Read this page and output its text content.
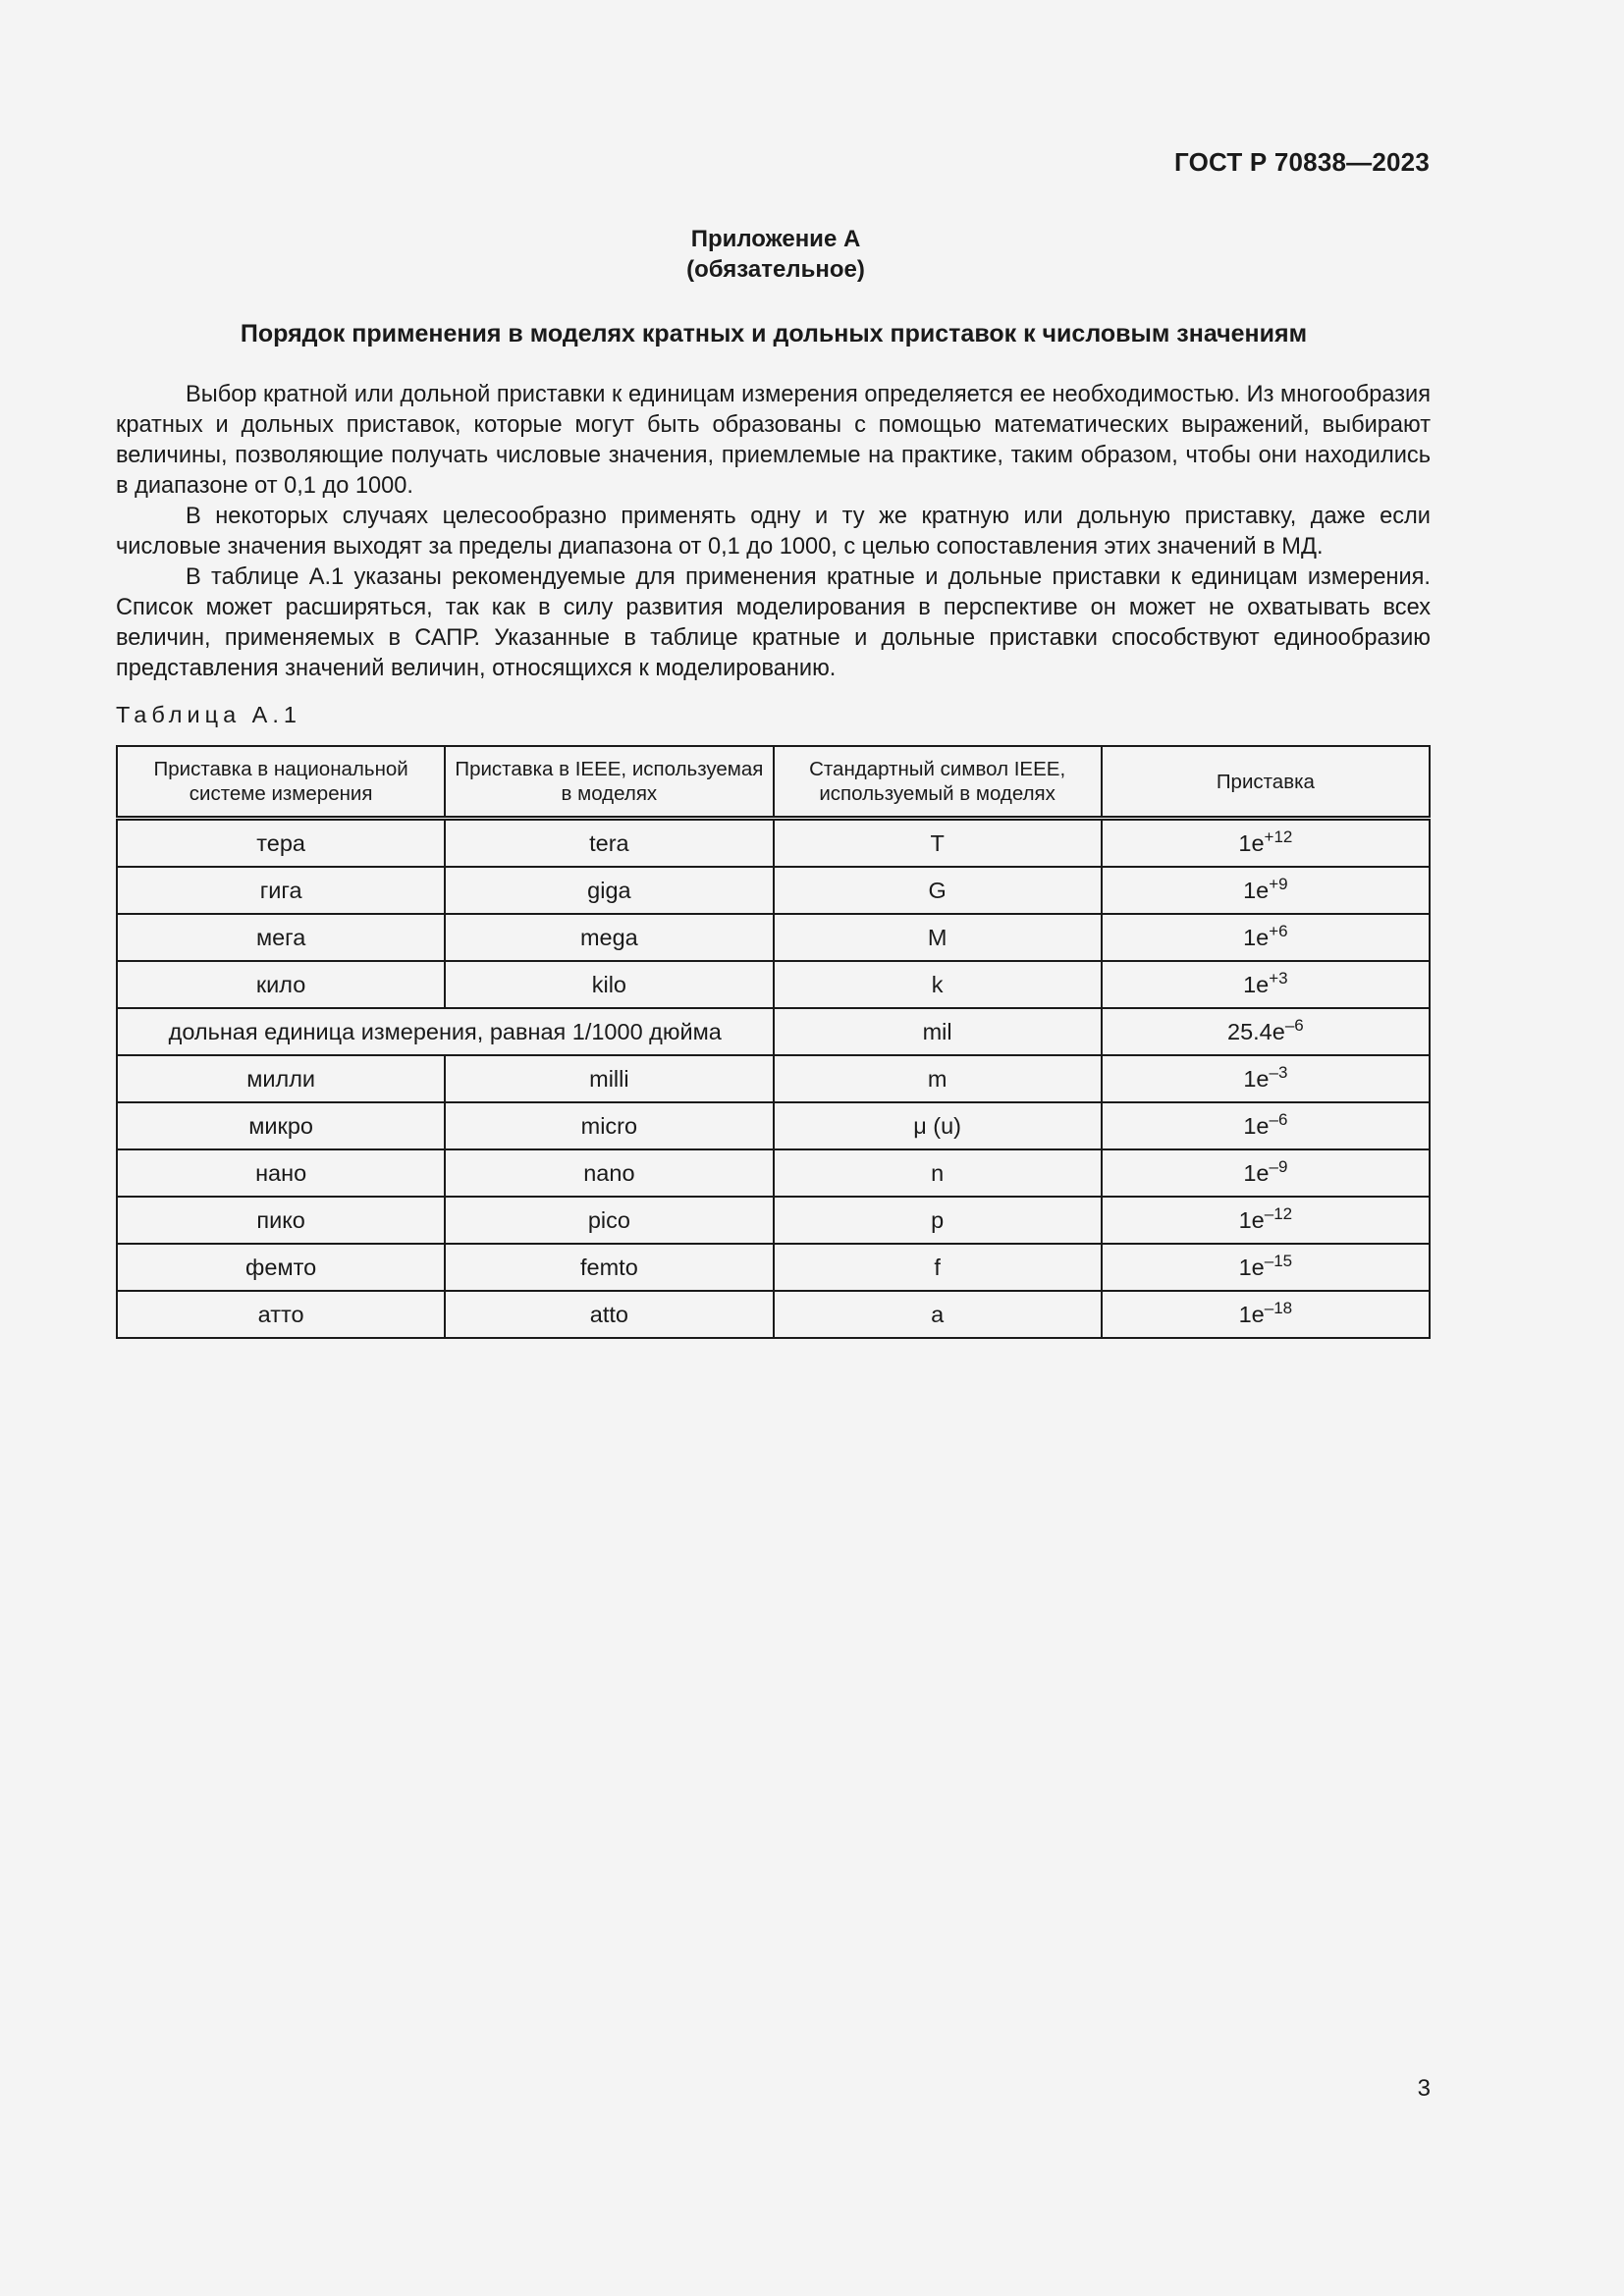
ГОСТ Р 70838—2023
Приложение А
(обязательное)
Порядок применения в моделях кратных и дольных приставок к числовым значениям

Выбор кратной или дольной приставки к единицам измерения определяется ее необходимостью. Из многообразия кратных и дольных приставок, которые могут быть образованы с помощью математических выражений, выбирают величины, позволяющие получать числовые значения, приемлемые на практике, таким образом, чтобы они находились в диапазоне от 0,1 до 1000.

В некоторых случаях целесообразно применять одну и ту же кратную или дольную приставку, даже если числовые значения выходят за пределы диапазона от 0,1 до 1000, с целью сопоставления этих значений в МД.

В таблице А.1 указаны рекомендуемые для применения кратные и дольные приставки к единицам измерения. Список может расширяться, так как в силу развития моделирования в перспективе он может не охватывать всех величин, применяемых в САПР. Указанные в таблице кратные и дольные приставки способствуют единообразию представления значений величин, относящихся к моделированию.

Таблица А.1
Приставка в национальной системе измерения	Приставка в IEEE, используемая в моделях	Стандартный символ IEEE, используемый в моделях	Приставка
тера	tera	T	$1e^{+12}$
гига	giga	G	$1e^{+9}$
мега	mega	M	$1e^{+6}$
кило	kilo	k	$1e^{+3}$
дольная единица измерения, равная 1/1000 дюйма		mil	$25.4e^{-6}$
милли	milli	m	$1e^{-3}$
микро	micro	μ (u)	$1e^{-6}$
нано	nano	n	$1e^{-9}$
пико	pico	p	$1e^{-12}$
фемто	femto	f	$1e^{-15}$
атто	atto	a	$1e^{-18}$
3
